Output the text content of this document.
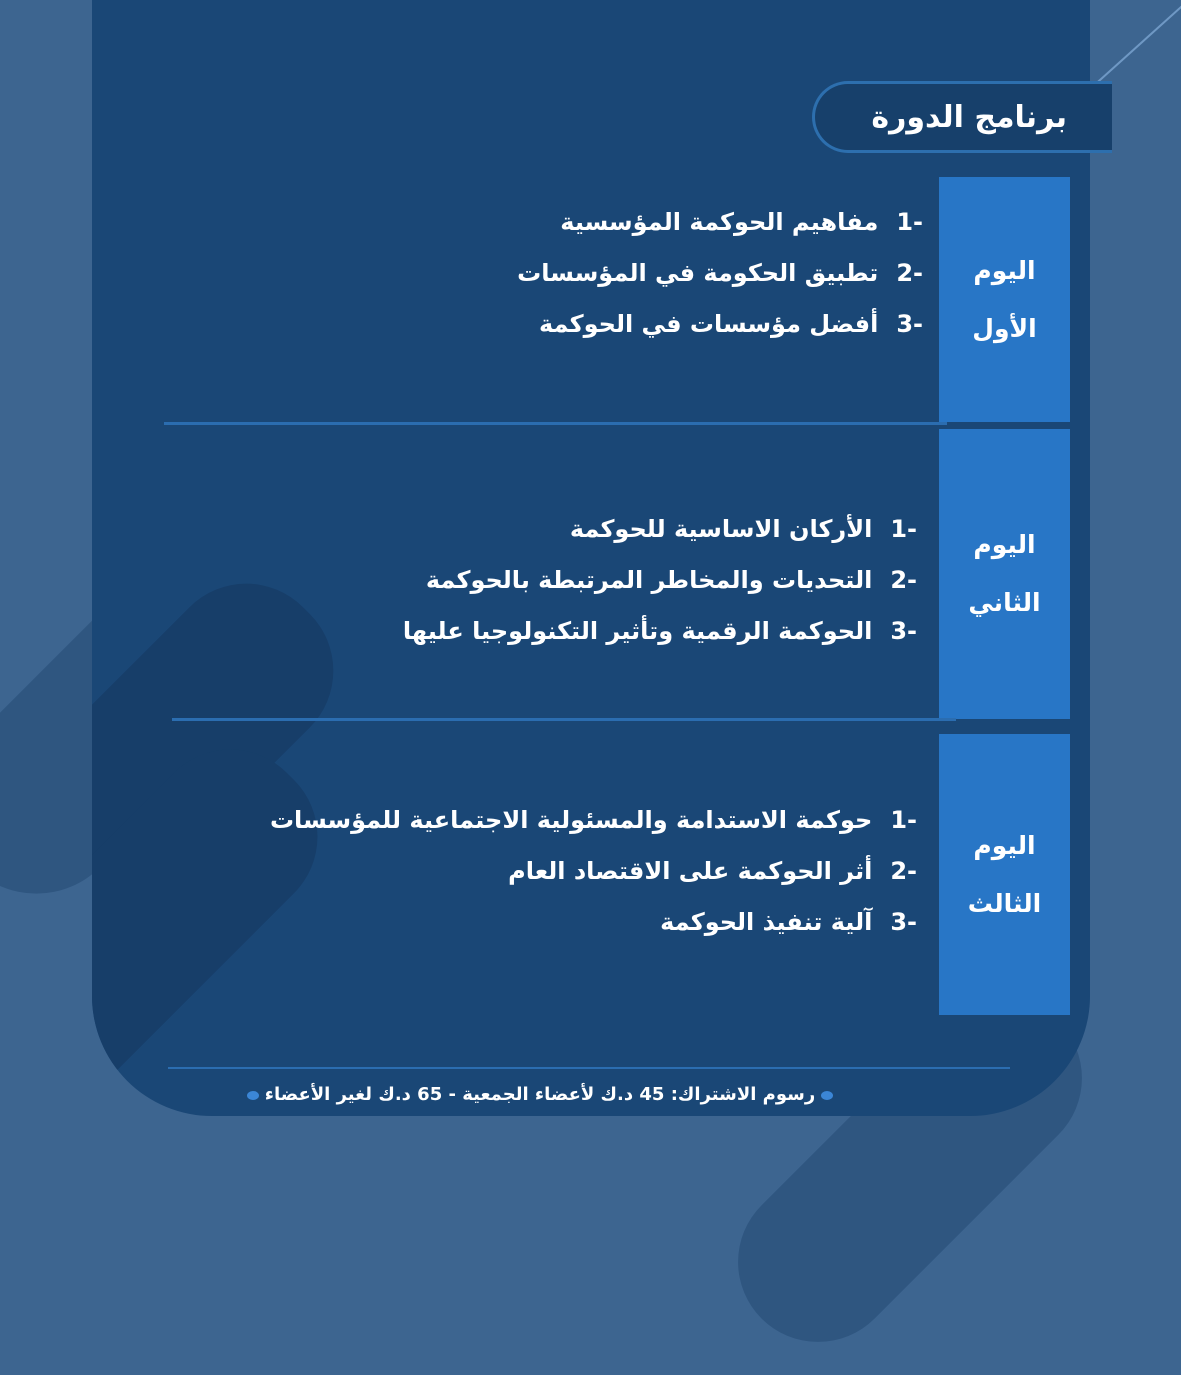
برنامج الدورة
اليوم
الأول
-1مفاهيم الحوكمة المؤسسية
-2تطبيق الحكومة في المؤسسات
-3أفضل مؤسسات في الحوكمة
اليوم
الثاني
-1الأركان الاساسية للحوكمة
-2التحديات والمخاطر المرتبطة بالحوكمة
-3الحوكمة الرقمية وتأثير التكنولوجيا عليها
اليوم
الثالث
-1حوكمة الاستدامة والمسئولية الاجتماعية للمؤسسات
-2أثر الحوكمة على الاقتصاد العام
-3آلية تنفيذ الحوكمة
رسوم الاشتراك: 45 د.ك لأعضاء الجمعية - 65 د.ك لغير الأعضاء
